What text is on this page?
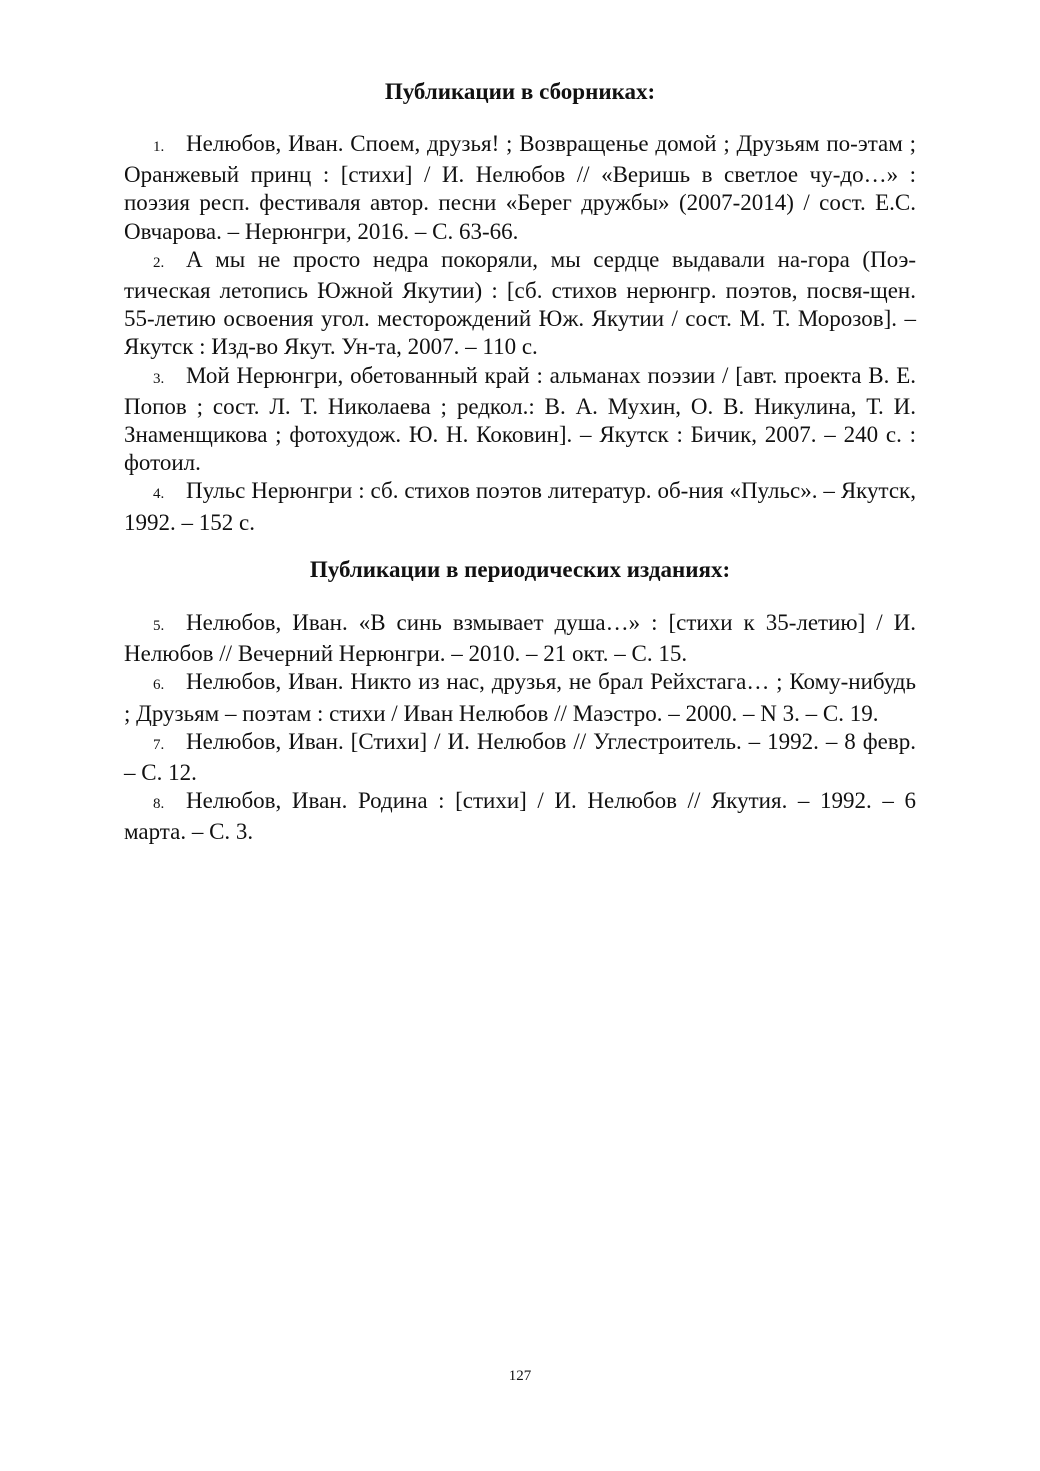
Публикации в сборниках:
1. Нелюбов, Иван. Споем, друзья! ; Возвращенье домой ; Друзьям по-этам ; Оранжевый принц : [стихи] / И. Нелюбов // «Веришь в светлое чу-до…» : поэзия респ. фестиваля автор. песни «Берег дружбы» (2007-2014) / сост. Е.С. Овчарова. – Нерюнгри, 2016. – С. 63-66.
2. А мы не просто недра покоряли, мы сердце выдавали на-гора (Поэ-тическая летопись Южной Якутии) : [сб. стихов нерюнгр. поэтов, посвя-щен. 55-летию освоения угол. месторождений Юж. Якутии / сост. М. Т. Морозов]. – Якутск : Изд-во Якут. Ун-та, 2007. – 110 с.
3. Мой Нерюнгри, обетованный край : альманах поэзии / [авт. проекта В. Е. Попов ; сост. Л. Т. Николаева ; редкол.: В. А. Мухин, О. В. Никулина, Т. И. Знаменщикова ; фотохудож. Ю. Н. Коковин]. – Якутск : Бичик, 2007. – 240 с. : фотоил.
4. Пульс Нерюнгри : сб. стихов поэтов литератур. об-ния «Пульс». – Якутск, 1992. – 152 с.
Публикации в периодических изданиях:
5. Нелюбов, Иван. «В синь взмывает душа…» : [стихи к 35-летию] / И. Нелюбов // Вечерний Нерюнгри. – 2010. – 21 окт. – С. 15.
6. Нелюбов, Иван. Никто из нас, друзья, не брал Рейхстага… ; Кому-нибудь ; Друзьям – поэтам : стихи / Иван Нелюбов // Маэстро. – 2000. – N 3. – С. 19.
7. Нелюбов, Иван. [Стихи] / И. Нелюбов // Углестроитель. – 1992. – 8 февр. – С. 12.
8. Нелюбов, Иван. Родина : [стихи] / И. Нелюбов // Якутия. – 1992. – 6 марта. – С. 3.
127
